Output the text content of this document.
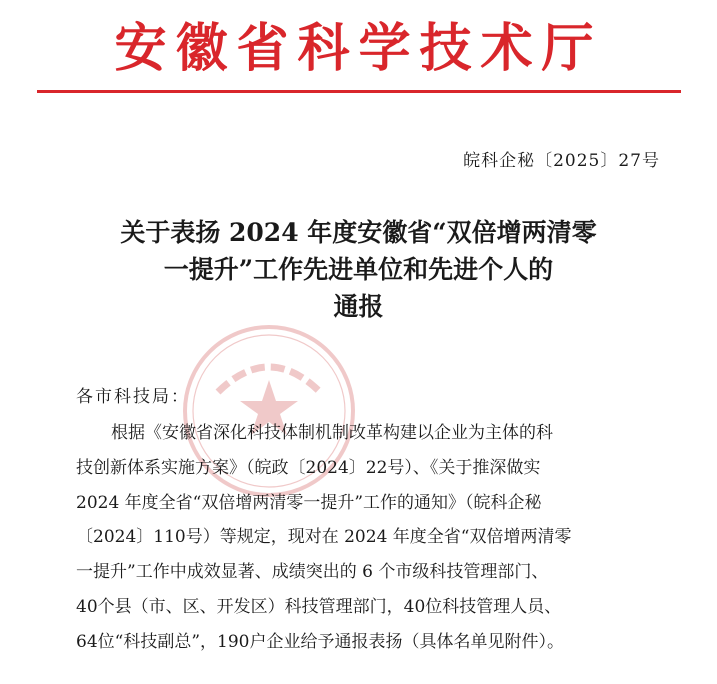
安徽省科学技术厅
皖科企秘〔2025〕27号
关于表扬 2024 年度安徽省“双倍增两清零
一提升”工作先进单位和先进个人的
通报
各市科技局：
根据《安徽省深化科技体制机制改革构建以企业为主体的科
技创新体系实施方案》（皖政〔2024〕22号）、《关于推深做实
2024 年度全省“双倍增两清零一提升”工作的通知》（皖科企秘
〔2024〕110号）等规定，现对在 2024 年度全省“双倍增两清零
一提升”工作中成效显著、成绩突出的 6 个市级科技管理部门、
40个县（市、区、开发区）科技管理部门，40位科技管理人员、
64位“科技副总”，190户企业给予通报表扬（具体名单见附件）。
